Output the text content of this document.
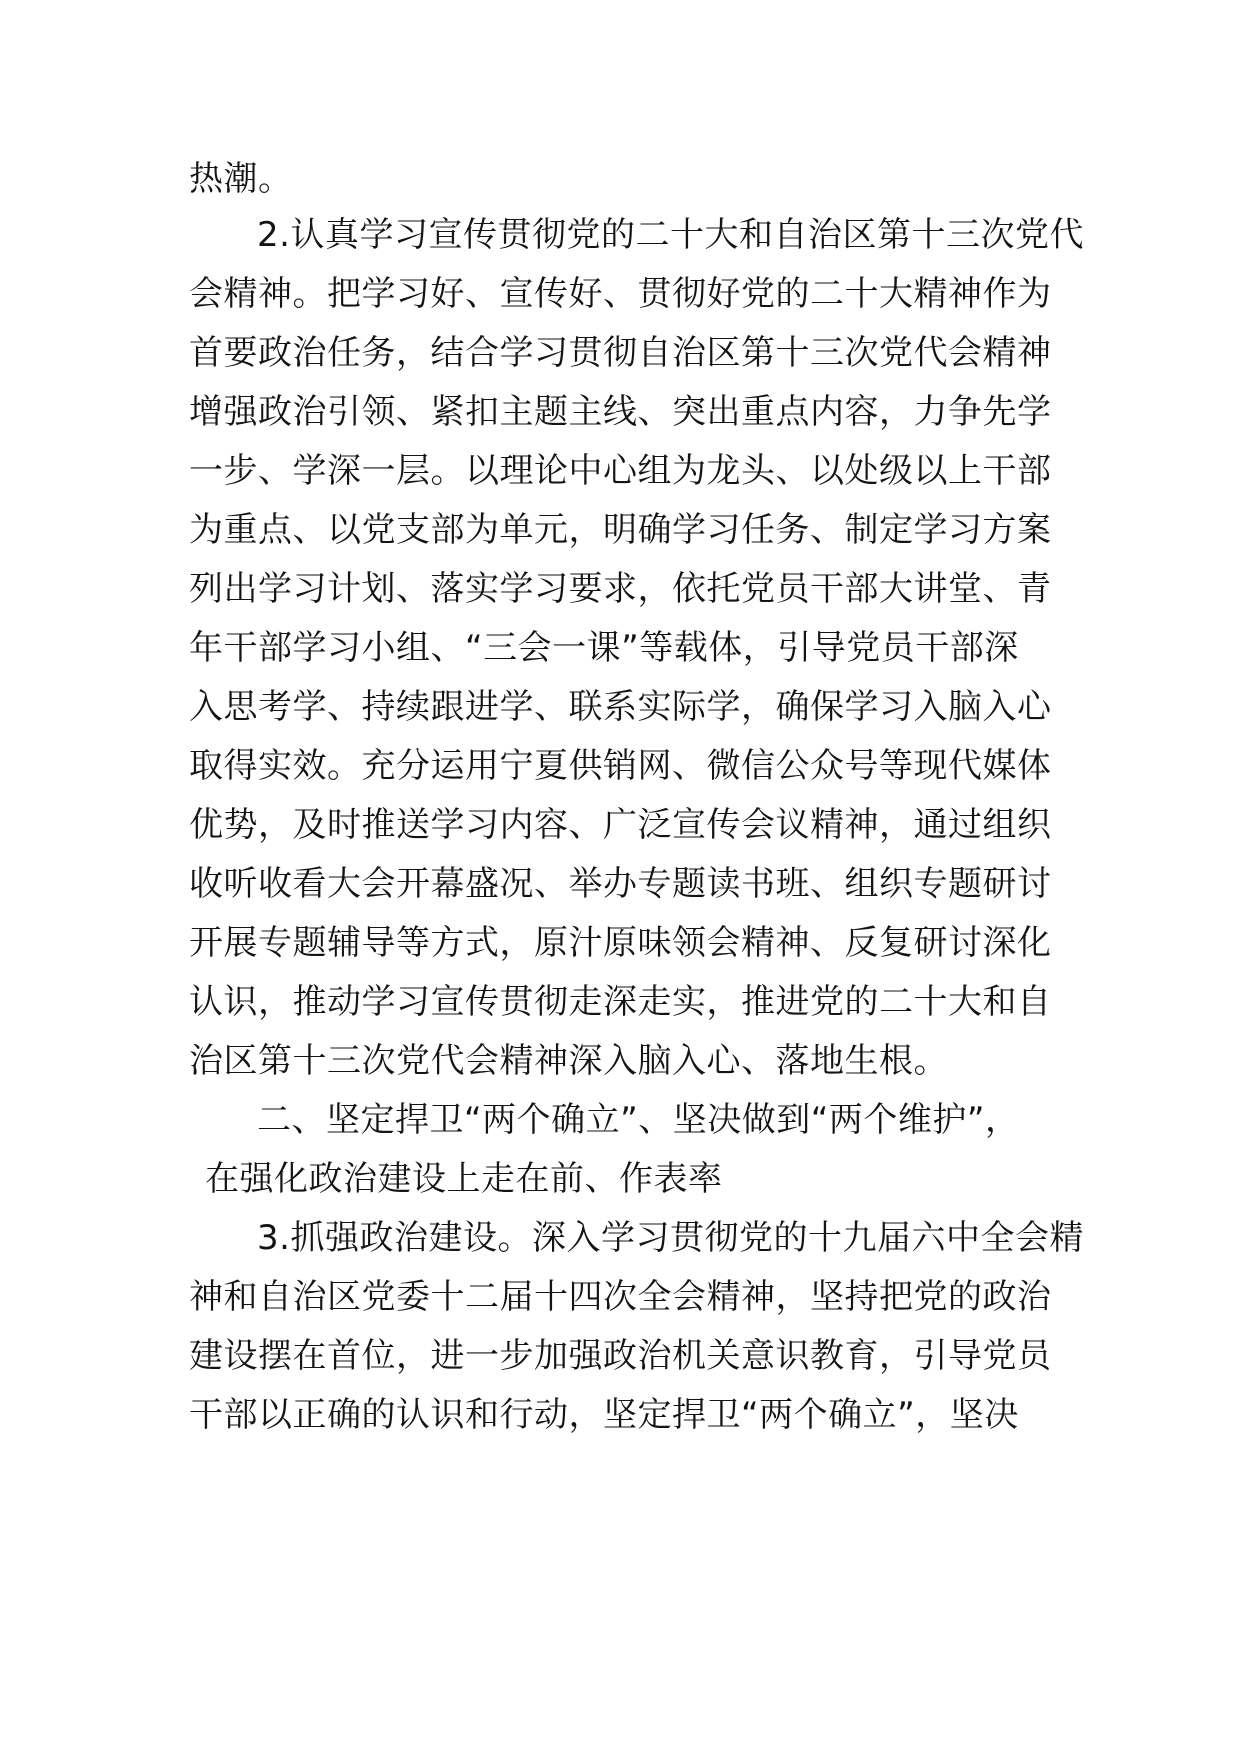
热潮。

2.认真学习宣传贯彻党的二十大和自治区第十三次党代

会精神。把学习好、宣传好、贯彻好党的二十大精神作为

首要政治任务，结合学习贯彻自治区第十三次党代会精神

增强政治引领、紧扣主题主线、突出重点内容，力争先学

一步、学深一层。以理论中心组为龙头、以处级以上干部

为重点、以党支部为单元，明确学习任务、制定学习方案

列出学习计划、落实学习要求，依托党员干部大讲堂、青

年干部学习小组、“三会一课”等载体，引导党员干部深

入思考学、持续跟进学、联系实际学，确保学习入脑入心

取得实效。充分运用宁夏供销网、微信公众号等现代媒体

优势，及时推送学习内容、广泛宣传会议精神，通过组织

收听收看大会开幕盛况、举办专题读书班、组织专题研讨

开展专题辅导等方式，原汁原味领会精神、反复研讨深化

认识，推动学习宣传贯彻走深走实，推进党的二十大和自

治区第十三次党代会精神深入脑入心、落地生根。

二、坚定捍卫“两个确立”、坚决做到“两个维护”，

在强化政治建设上走在前、作表率

3.抓强政治建设。深入学习贯彻党的十九届六中全会精

神和自治区党委十二届十四次全会精神，坚持把党的政治

建设摆在首位，进一步加强政治机关意识教育，引导党员

干部以正确的认识和行动，坚定捍卫“两个确立”，坚决
